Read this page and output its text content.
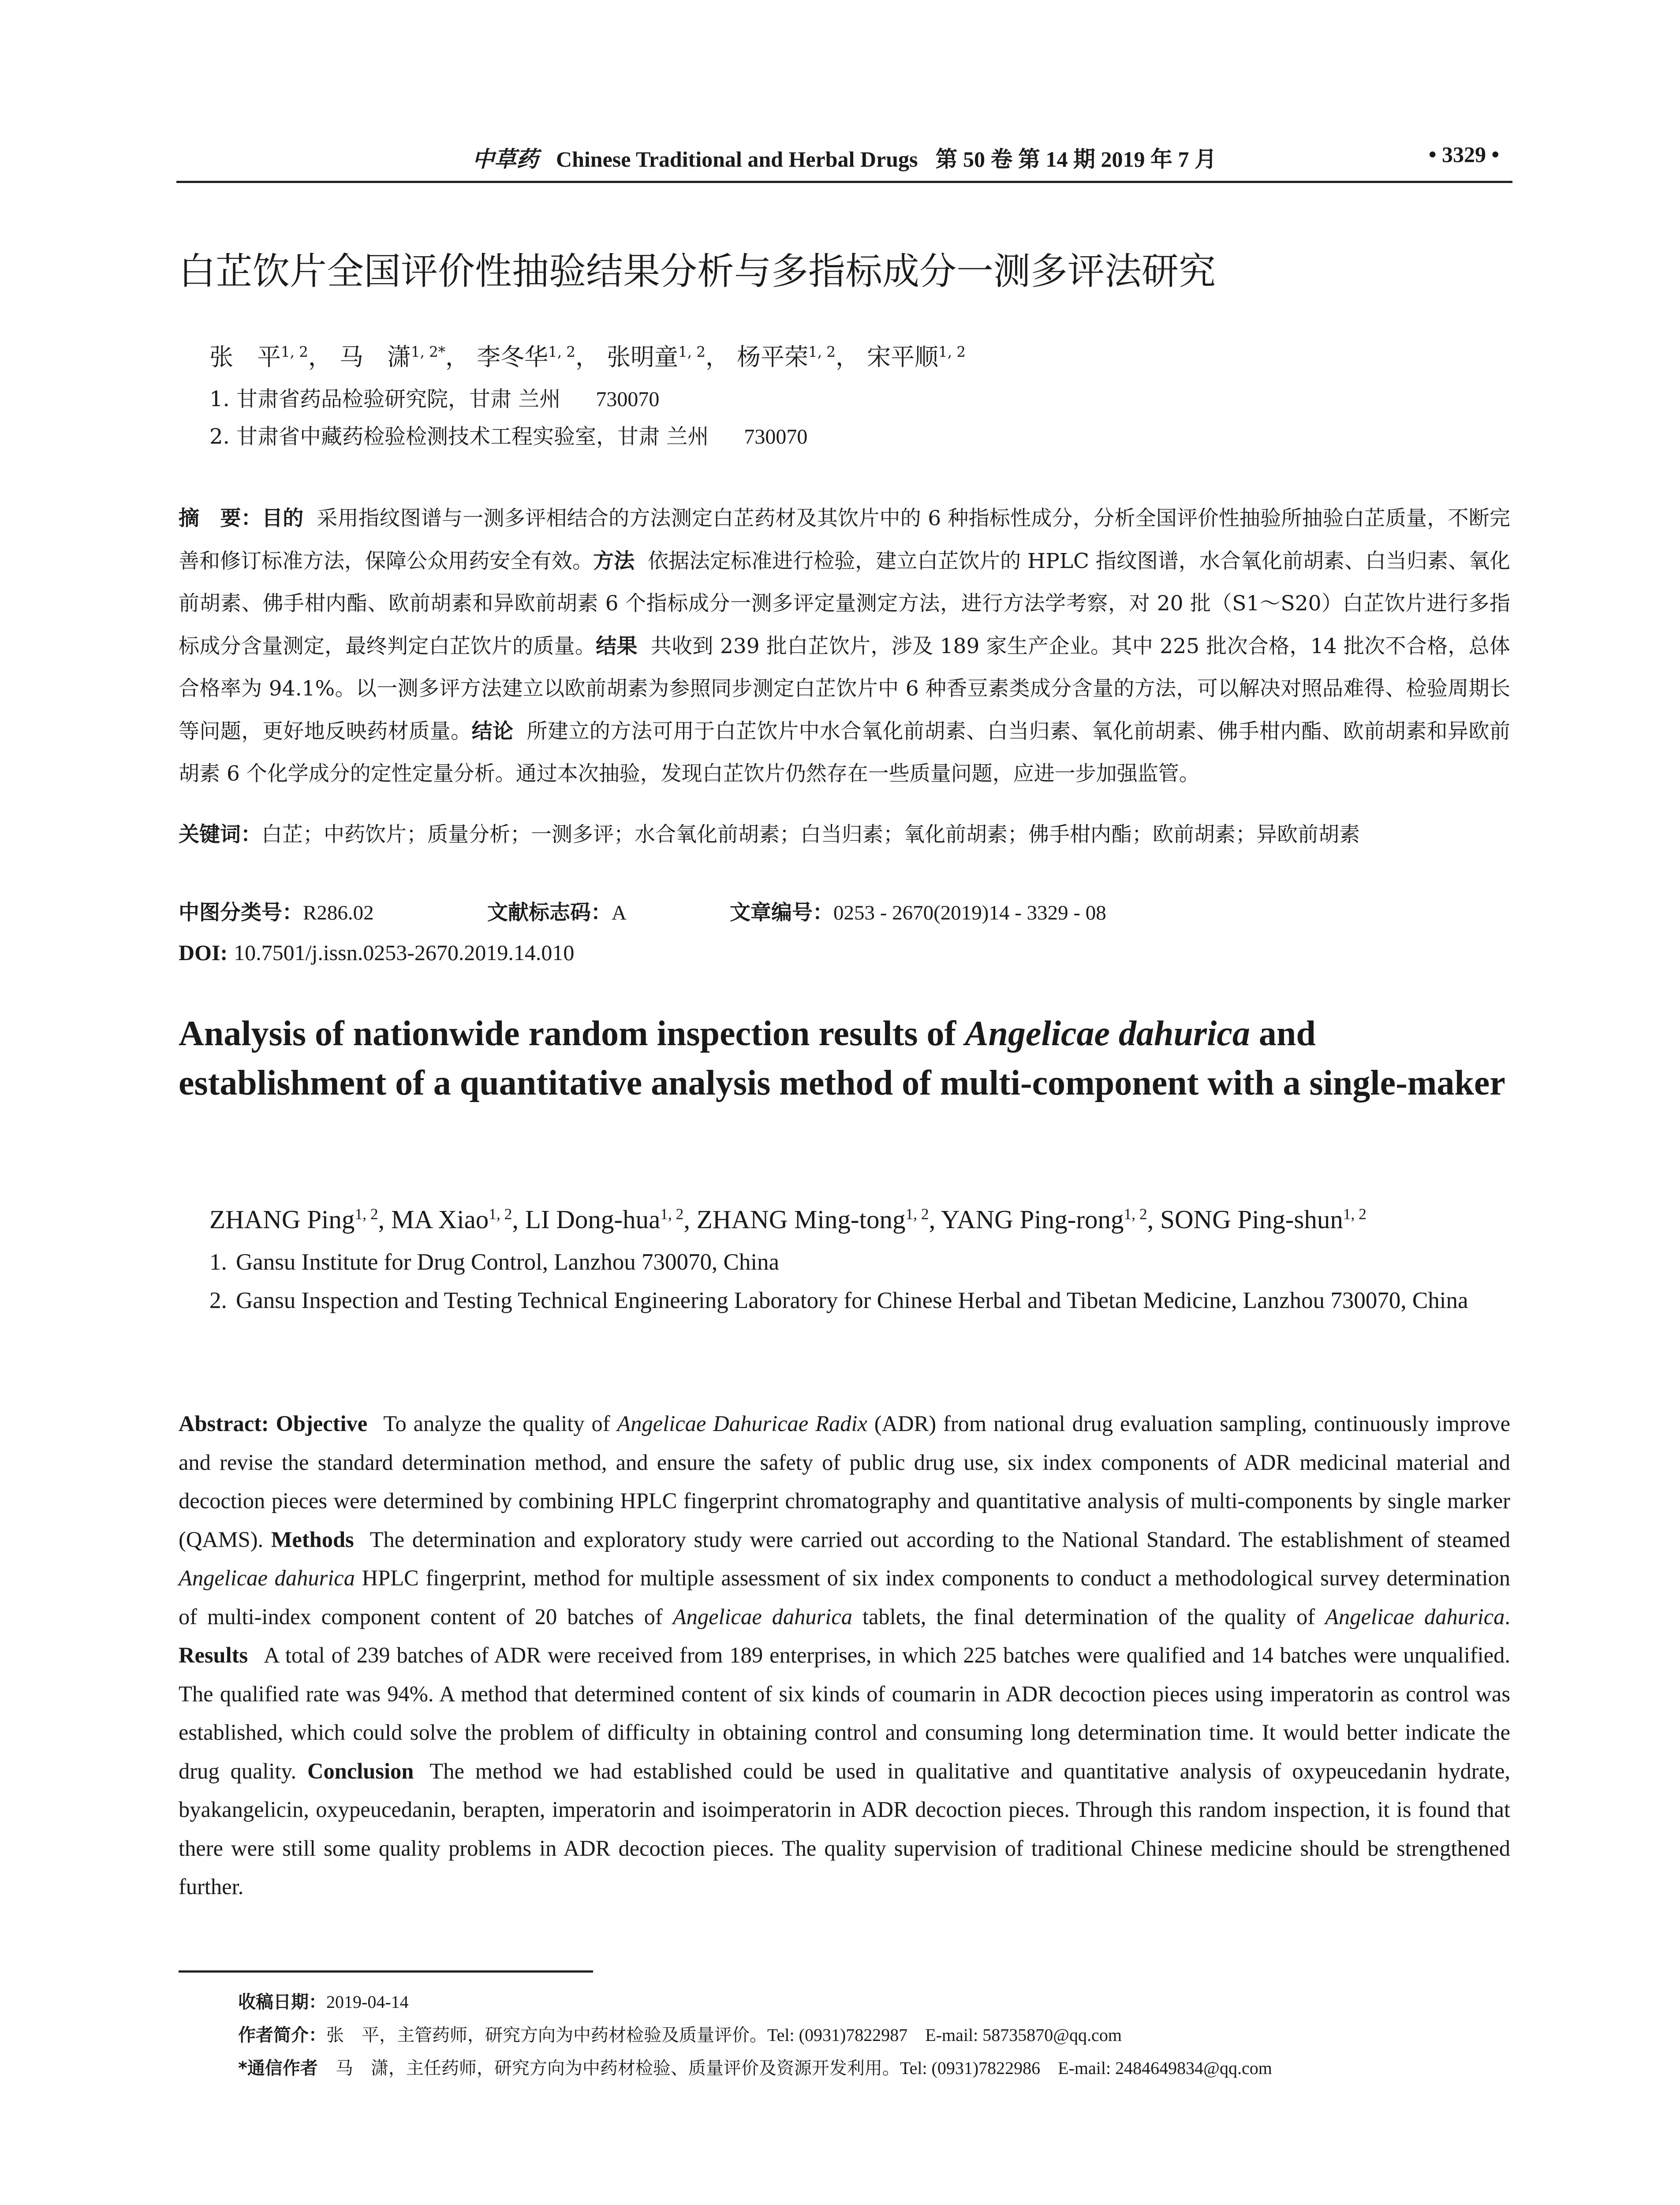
中草药 Chinese Traditional and Herbal Drugs 第 50 卷 第 14 期 2019 年 7 月	• 3329 •
白芷饮片全国评价性抽验结果分析与多指标成分一测多评法研究
张　平$^{1, 2}$， 马　潇$^{1, 2*}$， 李冬华$^{1, 2}$， 张明童$^{1, 2}$， 杨平荣$^{1, 2}$， 宋平顺$^{1, 2}$
1. 甘肃省药品检验研究院，甘肃 兰州 730070
2. 甘肃省中藏药检验检测技术工程实验室，甘肃 兰州 730070
摘　要：目的 采用指纹图谱与一测多评相结合的方法测定白芷药材及其饮片中的 6 种指标性成分，分析全国评价性抽验所抽验白芷质量，不断完善和修订标准方法，保障公众用药安全有效。方法 依据法定标准进行检验，建立白芷饮片的 HPLC 指纹图谱，水合氧化前胡素、白当归素、氧化前胡素、佛手柑内酯、欧前胡素和异欧前胡素 6 个指标成分一测多评定量测定方法，进行方法学考察，对 20 批（S1～S20）白芷饮片进行多指标成分含量测定，最终判定白芷饮片的质量。结果 共收到 239 批白芷饮片，涉及 189 家生产企业。其中 225 批次合格，14 批次不合格，总体合格率为 94.1%。以一测多评方法建立以欧前胡素为参照同步测定白芷饮片中 6 种香豆素类成分含量的方法，可以解决对照品难得、检验周期长等问题，更好地反映药材质量。结论 所建立的方法可用于白芷饮片中水合氧化前胡素、白当归素、氧化前胡素、佛手柑内酯、欧前胡素和异欧前胡素 6 个化学成分的定性定量分析。通过本次抽验，发现白芷饮片仍然存在一些质量问题，应进一步加强监管。
关键词：白芷；中药饮片；质量分析；一测多评；水合氧化前胡素；白当归素；氧化前胡素；佛手柑内酯；欧前胡素；异欧前胡素
中图分类号：R286.02	文献标志码：A	文章编号：0253 - 2670(2019)14 - 3329 - 08
DOI: 10.7501/j.issn.0253-2670.2019.14.010
Analysis of nationwide random inspection results of Angelicae dahurica and establishment of a quantitative analysis method of multi-component with a single-maker
ZHANG Ping$^{1, 2}$, MA Xiao$^{1, 2}$, LI Dong-hua$^{1, 2}$, ZHANG Ming-tong$^{1, 2}$, YANG Ping-rong$^{1, 2}$, SONG Ping-shun$^{1, 2}$
1. Gansu Institute for Drug Control, Lanzhou 730070, China
2. Gansu Inspection and Testing Technical Engineering Laboratory for Chinese Herbal and Tibetan Medicine, Lanzhou 730070, China
Abstract: Objective To analyze the quality of Angelicae Dahuricae Radix (ADR) from national drug evaluation sampling, continuously improve and revise the standard determination method, and ensure the safety of public drug use, six index components of ADR medicinal material and decoction pieces were determined by combining HPLC fingerprint chromatography and quantitative analysis of multi-components by single marker (QAMS). Methods The determination and exploratory study were carried out according to the National Standard. The establishment of steamed Angelicae dahurica HPLC fingerprint, method for multiple assessment of six index components to conduct a methodological survey determination of multi-index component content of 20 batches of Angelicae dahurica tablets, the final determination of the quality of Angelicae dahurica. Results A total of 239 batches of ADR were received from 189 enterprises, in which 225 batches were qualified and 14 batches were unqualified. The qualified rate was 94%. A method that determined content of six kinds of coumarin in ADR decoction pieces using imperatorin as control was established, which could solve the problem of difficulty in obtaining control and consuming long determination time. It would better indicate the drug quality. Conclusion The method we had established could be used in qualitative and quantitative analysis of oxypeucedanin hydrate, byakangelicin, oxypeucedanin, berapten, imperatorin and isoimperatorin in ADR decoction pieces. Through this random inspection, it is found that there were still some quality problems in ADR decoction pieces. The quality supervision of traditional Chinese medicine should be strengthened further.
收稿日期：2019-04-14
作者简介：张　平，主管药师，研究方向为中药材检验及质量评价。Tel: (0931)7822987　E-mail: 58735870@qq.com
*通信作者　 马　潇，主任药师，研究方向为中药材检验、质量评价及资源开发利用。Tel: (0931)7822986　E-mail: 2484649834@qq.com
